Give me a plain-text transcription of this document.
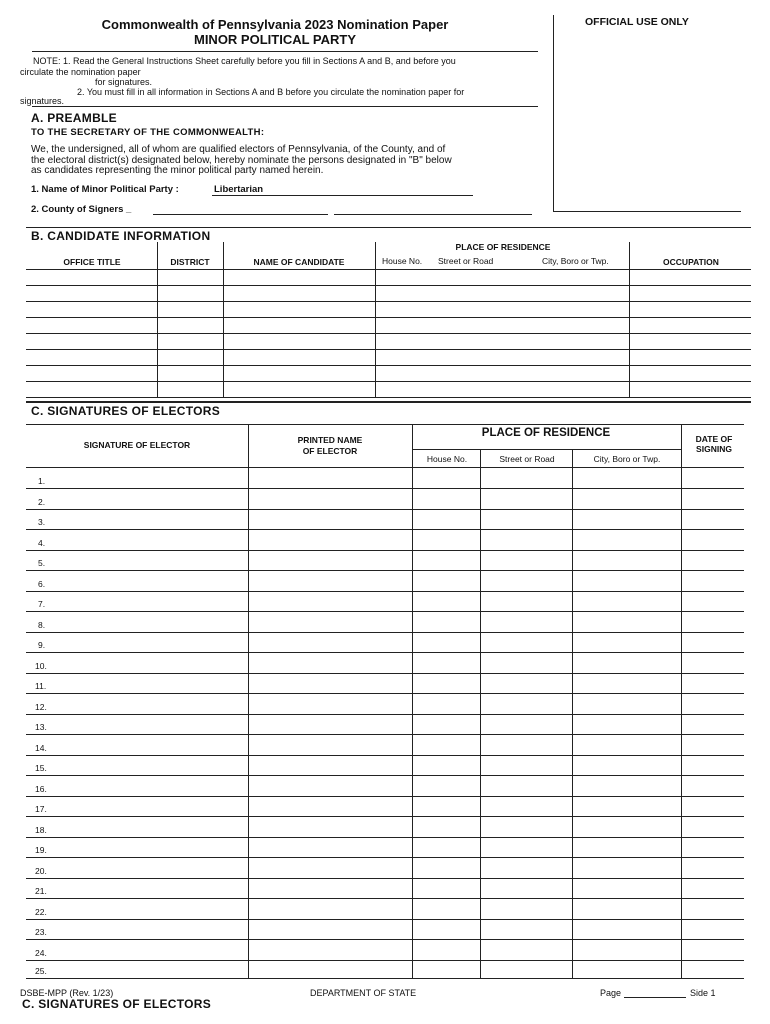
Commonwealth of Pennsylvania 2023 Nomination Paper
MINOR POLITICAL PARTY
OFFICIAL USE ONLY
NOTE: 1. Read the General Instructions Sheet carefully before you fill in Sections A and B, and before you
circulate the nomination paper
for signatures.
2. You must fill in all information in Sections A and B before you circulate the nomination paper for
signatures.
A. PREAMBLE
TO THE SECRETARY OF THE COMMONWEALTH:
We, the undersigned, all of whom are qualified electors of Pennsylvania, of the County, and of
the electoral district(s) designated below, hereby nominate the persons designated in "B" below
as candidates representing the minor political party named herein.
1. Name of Minor Political Party :	Libertarian
2. County of Signers _
B. CANDIDATE INFORMATION
PLACE OF RESIDENCE
OFFICE TITLE	DISTRICT	NAME OF CANDIDATE	House No. Street or Road	City, Boro or Twp.	OCCUPATION
C. SIGNATURES OF ELECTORS
SIGNATURE OF ELECTOR	PRINTED NAME
OF ELECTOR
PLACE OF RESIDENCE
House No.	Street or Road	City, Boro or Twp.
DATE OF
SIGNING
1.
2.
3.
4.
5.
6.
7.
8.
9.
10.
11.
12.
13.
14.
15.
16.
17.
18.
19.
20.
21.
22.
23.
24.
25.
DSBE-MPP (Rev. 1/23)	DEPARTMENT OF STATE	Page	Side 1
C. SIGNATURES OF ELECTORS
